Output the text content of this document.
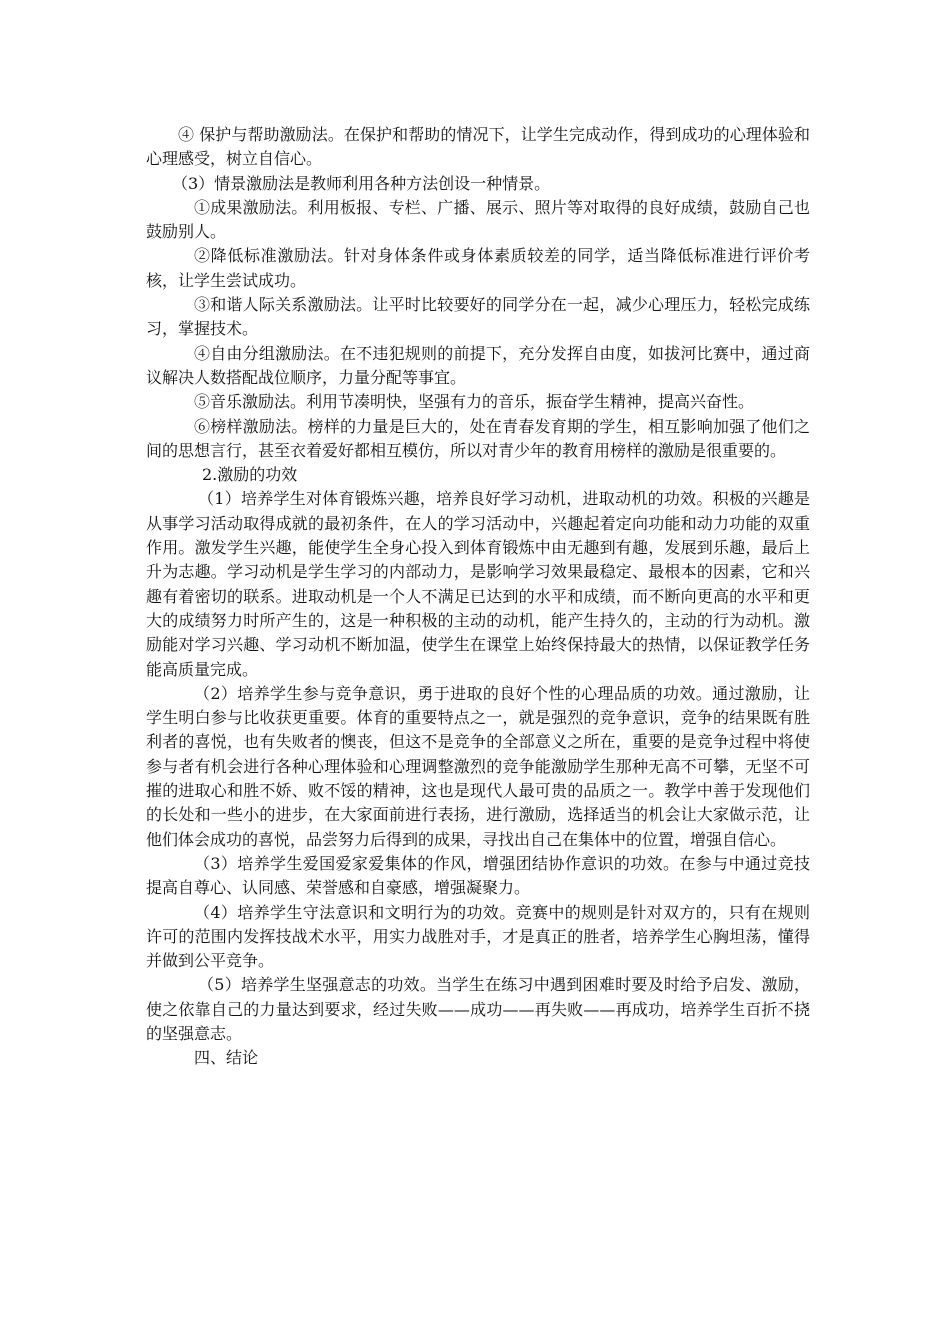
④ 保护与帮助激励法。在保护和帮助的情况下，让学生完成动作，得到成功的心理体验和心理感受，树立自信心。

（3）情景激励法是教师利用各种方法创设一种情景。

①成果激励法。利用板报、专栏、广播、展示、照片等对取得的良好成绩，鼓励自己也鼓励别人。

②降低标准激励法。针对身体条件或身体素质较差的同学，适当降低标准进行评价考核，让学生尝试成功。

③和谐人际关系激励法。让平时比较要好的同学分在一起，减少心理压力，轻松完成练习，掌握技术。

④自由分组激励法。在不违犯规则的前提下，充分发挥自由度，如拔河比赛中，通过商议解决人数搭配战位顺序，力量分配等事宜。

⑤音乐激励法。利用节凑明快，坚强有力的音乐，振奋学生精神，提高兴奋性。

⑥榜样激励法。榜样的力量是巨大的，处在青春发育期的学生，相互影响加强了他们之间的思想言行，甚至衣着爱好都相互模仿，所以对青少年的教育用榜样的激励是很重要的。

2.激励的功效

（1）培养学生对体育锻炼兴趣，培养良好学习动机，进取动机的功效。积极的兴趣是从事学习活动取得成就的最初条件，在人的学习活动中，兴趣起着定向功能和动力功能的双重作用。激发学生兴趣，能使学生全身心投入到体育锻炼中由无趣到有趣，发展到乐趣，最后上升为志趣。学习动机是学生学习的内部动力，是影响学习效果最稳定、最根本的因素，它和兴趣有着密切的联系。进取动机是一个人不满足已达到的水平和成绩，而不断向更高的水平和更大的成绩努力时所产生的，这是一种积极的主动的动机，能产生持久的，主动的行为动机。激励能对学习兴趣、学习动机不断加温，使学生在课堂上始终保持最大的热情，以保证教学任务能高质量完成。

（2）培养学生参与竞争意识，勇于进取的良好个性的心理品质的功效。通过激励，让学生明白参与比收获更重要。体育的重要特点之一，就是强烈的竞争意识，竞争的结果既有胜利者的喜悦，也有失败者的懊丧，但这不是竞争的全部意义之所在，重要的是竞争过程中将使参与者有机会进行各种心理体验和心理调整激烈的竞争能激励学生那种无高不可攀，无坚不可摧的进取心和胜不娇、败不馁的精神，这也是现代人最可贵的品质之一。教学中善于发现他们的长处和一些小的进步，在大家面前进行表扬，进行激励，选择适当的机会让大家做示范，让他们体会成功的喜悦，品尝努力后得到的成果，寻找出自己在集体中的位置，增强自信心。

（3）培养学生爱国爱家爱集体的作风，增强团结协作意识的功效。在参与中通过竞技提高自尊心、认同感、荣誉感和自豪感，增强凝聚力。

（4）培养学生守法意识和文明行为的功效。竞赛中的规则是针对双方的，只有在规则许可的范围内发挥技战术水平，用实力战胜对手，才是真正的胜者，培养学生心胸坦荡，懂得并做到公平竞争。

（5）培养学生坚强意志的功效。当学生在练习中遇到困难时要及时给予启发、激励，使之依靠自己的力量达到要求，经过失败——成功——再失败——再成功，培养学生百折不挠的坚强意志。

四、结论
